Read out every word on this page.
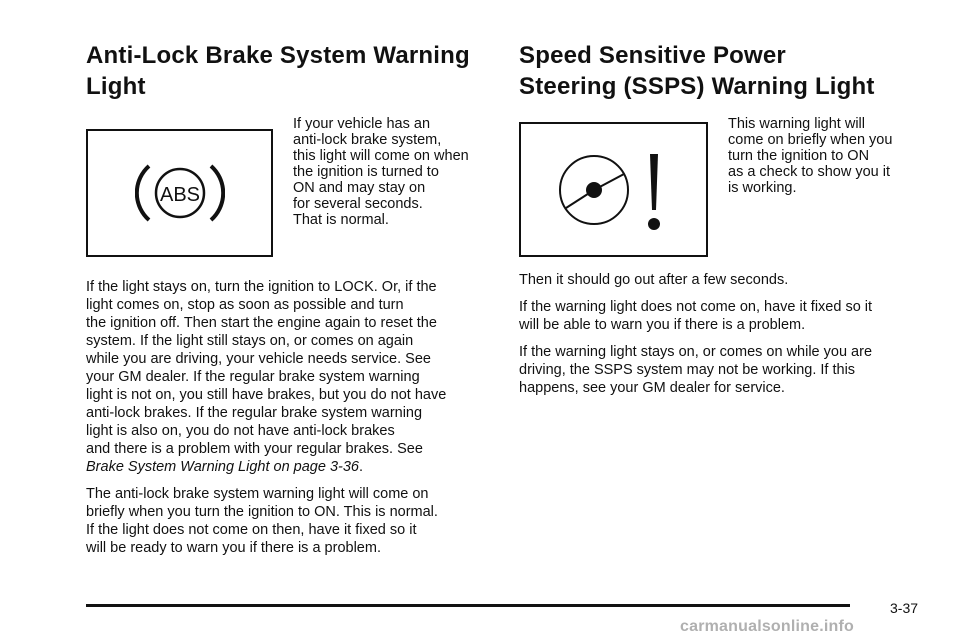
Anti-Lock Brake System Warning
Light
ABS
If your vehicle has an
anti-lock brake system,
this light will come on when
the ignition is turned to
ON and may stay on
for several seconds.
That is normal.

If the light stays on, turn the ignition to LOCK. Or, if the
light comes on, stop as soon as possible and turn
the ignition off. Then start the engine again to reset the
system. If the light still stays on, or comes on again
while you are driving, your vehicle needs service. See
your GM dealer. If the regular brake system warning
light is not on, you still have brakes, but you do not have
anti-lock brakes. If the regular brake system warning
light is also on, you do not have anti-lock brakes
and there is a problem with your regular brakes. See
Brake System Warning Light on page 3-36.

The anti-lock brake system warning light will come on
briefly when you turn the ignition to ON. This is normal.
If the light does not come on then, have it fixed so it
will be ready to warn you if there is a problem.

Speed Sensitive Power
Steering (SSPS) Warning Light
This warning light will
come on briefly when you
turn the ignition to ON
as a check to show you it
is working.

Then it should go out after a few seconds.

If the warning light does not come on, have it fixed so it
will be able to warn you if there is a problem.

If the warning light stays on, or comes on while you are
driving, the SSPS system may not be working. If this
happens, see your GM dealer for service.

3-37
carmanualsonline.info
